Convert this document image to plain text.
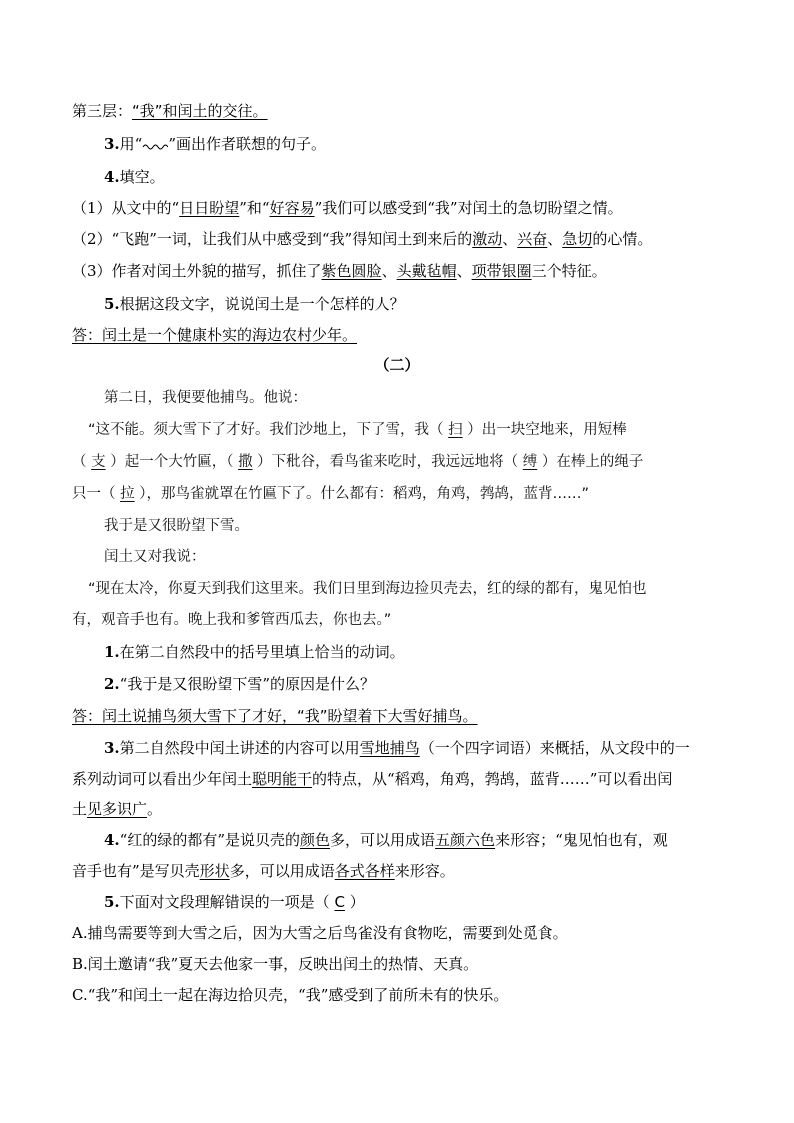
第三层：“我”和闰土的交往。
3.用“ ”画出作者联想的句子。
4.填空。
（1）从文中的“日日盼望”和“好容易”我们可以感受到“我”对闰土的急切盼望之情。
（2）“飞跑”一词，让我们从中感受到“我”得知闰土到来后的激动、兴奋、急切的心情。
（3）作者对闰土外貌的描写，抓住了紫色圆脸、头戴毡帽、项带银圈三个特征。
5.根据这段文字，说说闰土是一个怎样的人？
答：闰土是一个健康朴实的海边农村少年。
（二）
第二日，我便要他捕鸟。他说：
“这不能。须大雪下了才好。我们沙地上，下了雪，我（ 扫 ）出一块空地来，用短棒
（ 支 ）起一个大竹匾，（ 撒 ）下秕谷，看鸟雀来吃时，我远远地将（ 缚 ）在棒上的绳子
只一（ 拉 ），那鸟雀就罩在竹匾下了。什么都有：稻鸡，角鸡，鹁鸪，蓝背……”
我于是又很盼望下雪。
闰土又对我说：
“现在太冷，你夏天到我们这里来。我们日里到海边捡贝壳去，红的绿的都有，鬼见怕也
有，观音手也有。晚上我和爹管西瓜去，你也去。”
1.在第二自然段中的括号里填上恰当的动词。
2.“我于是又很盼望下雪”的原因是什么？
答：闰土说捕鸟须大雪下了才好，“我”盼望着下大雪好捕鸟。
3.第二自然段中闰土讲述的内容可以用雪地捕鸟（一个四字词语）来概括，从文段中的一
系列动词可以看出少年闰土聪明能干的特点，从“稻鸡，角鸡，鹁鸪，蓝背……”可以看出闰
土见多识广。
4.“红的绿的都有”是说贝壳的颜色多，可以用成语五颜六色来形容；“鬼见怕也有，观
音手也有”是写贝壳形状多，可以用成语各式各样来形容。
5.下面对文段理解错误的一项是（ C ）
A.捕鸟需要等到大雪之后，因为大雪之后鸟雀没有食物吃，需要到处觅食。
B.闰土邀请“我”夏天去他家一事，反映出闰土的热情、天真。
C.“我”和闰土一起在海边拾贝壳，“我”感受到了前所未有的快乐。
